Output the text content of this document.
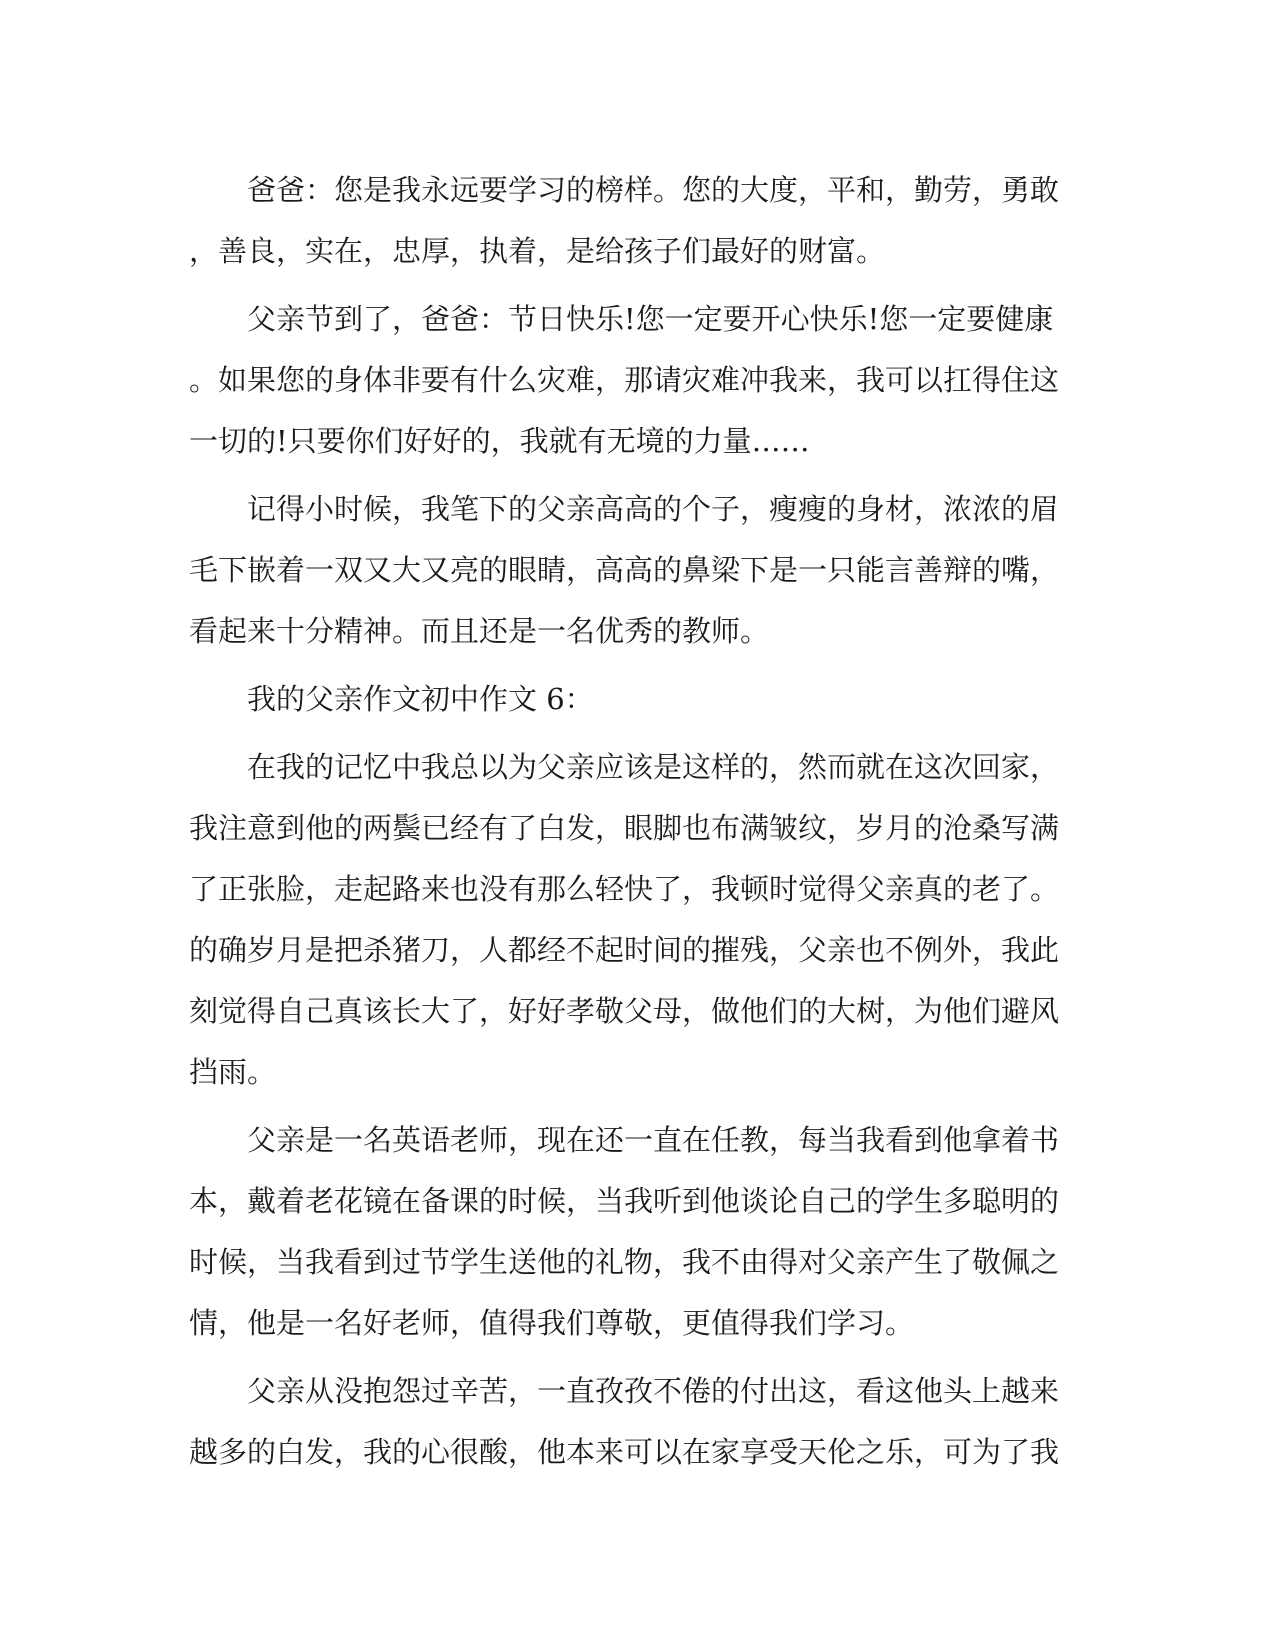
爸爸：您是我永远要学习的榜样。您的大度，平和，勤劳，勇敢
，善良，实在，忠厚，执着，是给孩子们最好的财富。

父亲节到了，爸爸：节日快乐!您一定要开心快乐!您一定要健康
。如果您的身体非要有什么灾难，那请灾难冲我来，我可以扛得住这
一切的!只要你们好好的，我就有无境的力量……

记得小时候，我笔下的父亲高高的个子，瘦瘦的身材，浓浓的眉
毛下嵌着一双又大又亮的眼睛，高高的鼻梁下是一只能言善辩的嘴，
看起来十分精神。而且还是一名优秀的教师。

我的父亲作文初中作文 6：

在我的记忆中我总以为父亲应该是这样的，然而就在这次回家，
我注意到他的两鬓已经有了白发，眼脚也布满皱纹，岁月的沧桑写满
了正张脸，走起路来也没有那么轻快了，我顿时觉得父亲真的老了。
的确岁月是把杀猪刀，人都经不起时间的摧残，父亲也不例外，我此
刻觉得自己真该长大了，好好孝敬父母，做他们的大树，为他们避风
挡雨。

父亲是一名英语老师，现在还一直在任教，每当我看到他拿着书
本，戴着老花镜在备课的时候，当我听到他谈论自己的学生多聪明的
时候，当我看到过节学生送他的礼物，我不由得对父亲产生了敬佩之
情，他是一名好老师，值得我们尊敬，更值得我们学习。

父亲从没抱怨过辛苦，一直孜孜不倦的付出这，看这他头上越来
越多的白发，我的心很酸，他本来可以在家享受天伦之乐，可为了我
